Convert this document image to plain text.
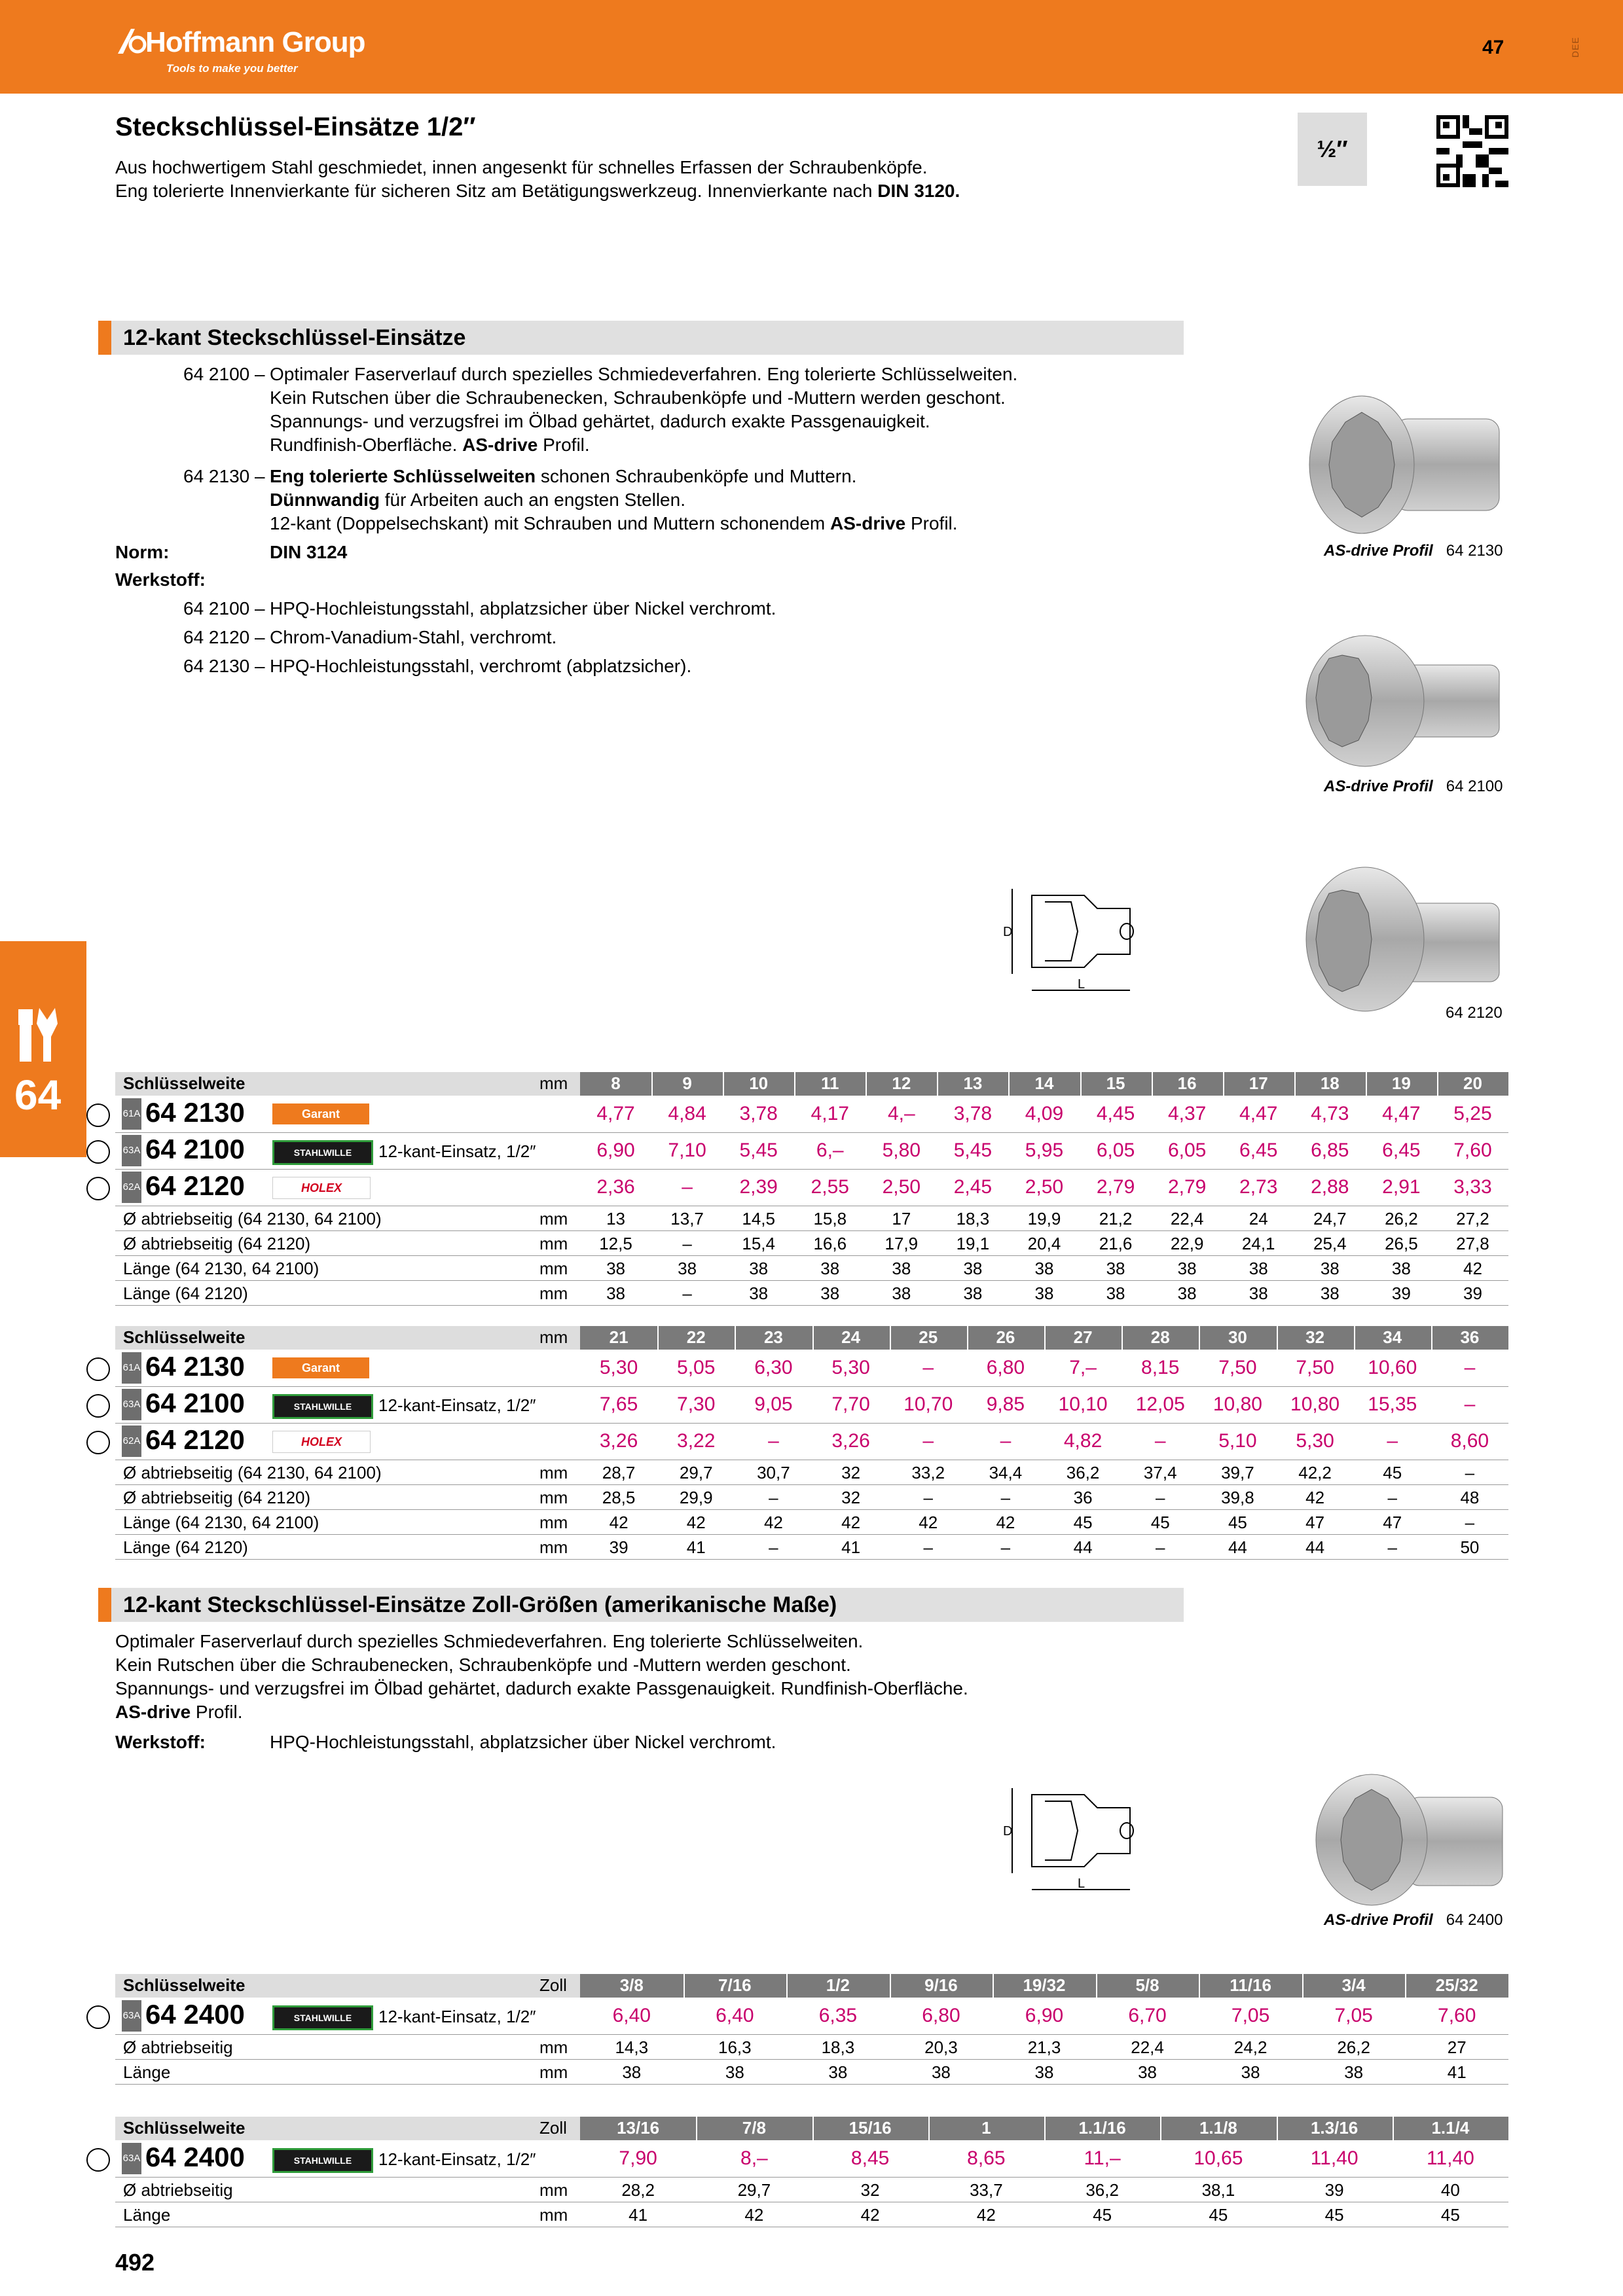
Hoffmann Group
Tools to make you better
47	DEE
Steckschlüssel-Einsätze 1/2″
Aus hochwertigem Stahl geschmiedet, innen angesenkt für schnelles Erfassen der Schraubenköpfe.
Eng tolerierte Innenvierkante für sicheren Sitz am Betätigungswerkzeug. Innenvierkante nach DIN 3120.
½″
12-kant Steckschlüssel-Einsätze
64 2100 – Optimaler Faserverlauf durch spezielles Schmiedeverfahren. Eng tolerierte Schlüsselweiten.
Kein Rutschen über die Schraubenecken, Schraubenköpfe und -Muttern werden geschont.
Spannungs- und verzugsfrei im Ölbad gehärtet, dadurch exakte Passgenauigkeit.
Rundfinish-Oberfläche. AS-drive Profil.
64 2130 – Eng tolerierte Schlüsselweiten schonen Schraubenköpfe und Muttern.
Dünnwandig für Arbeiten auch an engsten Stellen.
12-kant (Doppelsechskant) mit Schrauben und Muttern schonendem AS-drive Profil.
Norm:	DIN 3124
Werkstoff:
64 2100 – HPQ-Hochleistungsstahl, abplatzsicher über Nickel verchromt.
64 2120 – Chrom-Vanadium-Stahl, verchromt.
64 2130 – HPQ-Hochleistungsstahl, verchromt (abplatzsicher).
AS-drive Profil 64 2130
AS-drive Profil 64 2100
D
L
64 2120
64	Schlüsselweite	mm	8	9	10	11	12	13	14	15	16	17	18	19	20
61A 64 2130	Garant	4,77	4,84	3,78	4,17	4,–	3,78	4,09	4,45	4,37	4,47	4,73	4,47	5,25
63A 64 2100	STAHLWILLE	12-kant-Einsatz, 1/2″	6,90	7,10	5,45	6,–	5,80	5,45	5,95	6,05	6,05	6,45	6,85	6,45	7,60
62A 64 2120	HOLEX	2,36	–	2,39	2,55	2,50	2,45	2,50	2,79	2,79	2,73	2,88	2,91	3,33
Ø abtriebseitig (64 2130, 64 2100)	mm	13	13,7	14,5	15,8	17	18,3	19,9	21,2	22,4	24	24,7	26,2	27,2
Ø abtriebseitig (64 2120)	mm	12,5	–	15,4	16,6	17,9	19,1	20,4	21,6	22,9	24,1	25,4	26,5	27,8
Länge (64 2130, 64 2100)	mm	38	38	38	38	38	38	38	38	38	38	38	38	42
Länge (64 2120)	mm	38	–	38	38	38	38	38	38	38	38	38	39	39
Schlüsselweite	mm	21	22	23	24	25	26	27	28	30	32	34	36
61A 64 2130	Garant	5,30	5,05	6,30	5,30	–	6,80	7,–	8,15	7,50	7,50	10,60	–
63A 64 2100	STAHLWILLE	12-kant-Einsatz, 1/2″	7,65	7,30	9,05	7,70	10,70	9,85	10,10	12,05	10,80	10,80	15,35	–
62A 64 2120	HOLEX	3,26	3,22	–	3,26	–	–	4,82	–	5,10	5,30	–	8,60
Ø abtriebseitig (64 2130, 64 2100)	mm	28,7	29,7	30,7	32	33,2	34,4	36,2	37,4	39,7	42,2	45	–
Ø abtriebseitig (64 2120)	mm	28,5	29,9	–	32	–	–	36	–	39,8	42	–	48
Länge (64 2130, 64 2100)	mm	42	42	42	42	42	42	45	45	45	47	47	–
Länge (64 2120)	mm	39	41	–	41	–	–	44	–	44	44	–	50
12-kant Steckschlüssel-Einsätze Zoll-Größen (amerikanische Maße)
Optimaler Faserverlauf durch spezielles Schmiedeverfahren. Eng tolerierte Schlüsselweiten.
Kein Rutschen über die Schraubenecken, Schraubenköpfe und -Muttern werden geschont.
Spannungs- und verzugsfrei im Ölbad gehärtet, dadurch exakte Passgenauigkeit. Rundfinish-Oberfläche.
AS-drive Profil.
Werkstoff:	HPQ-Hochleistungsstahl, abplatzsicher über Nickel verchromt.
D
L
AS-drive Profil 64 2400
Schlüsselweite	Zoll	3/8	7/16	1/2	9/16	19/32	5/8	11/16	3/4	25/32
63A 64 2400	STAHLWILLE	12-kant-Einsatz, 1/2″	6,40	6,40	6,35	6,80	6,90	6,70	7,05	7,05	7,60
Ø abtriebseitig	mm	14,3	16,3	18,3	20,3	21,3	22,4	24,2	26,2	27
Länge	mm	38	38	38	38	38	38	38	38	41
Schlüsselweite	Zoll	13/16	7/8	15/16	1	1.1/16	1.1/8	1.3/16	1.1/4
63A 64 2400	STAHLWILLE	12-kant-Einsatz, 1/2″	7,90	8,–	8,45	8,65	11,–	10,65	11,40	11,40
Ø abtriebseitig	mm	28,2	29,7	32	33,7	36,2	38,1	39	40
Länge	mm	41	42	42	42	45	45	45	45
492
